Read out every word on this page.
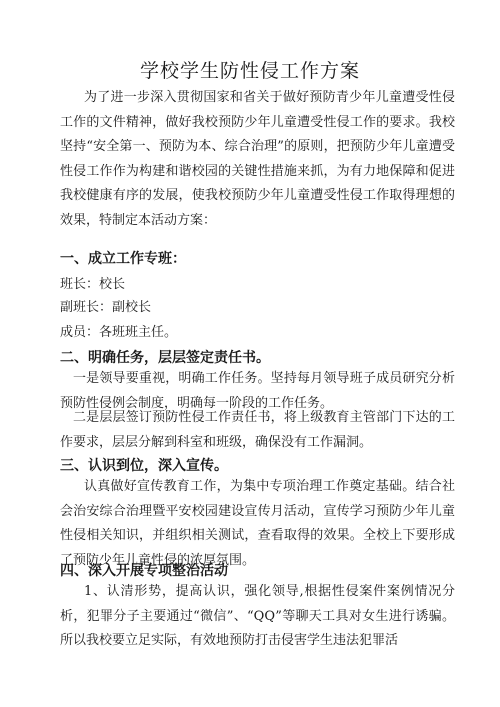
学校学生防性侵工作方案

为了进一步深入贯彻国家和省关于做好预防青少年儿童遭受性侵工作的文件精神，做好我校预防少年儿童遭受性侵工作的要求。我校坚持“安全第一、预防为本、综合治理”的原则，把预防少年儿童遭受性侵工作作为构建和谐校园的关键性措施来抓，为有力地保障和促进我校健康有序的发展，使我校预防少年儿童遭受性侵工作取得理想的效果，特制定本活动方案：

一、成立工作专班：

班长：校长

副班长：副校长

成员：各班班主任。

二、明确任务，层层签定责任书。

一是领导要重视，明确工作任务。坚持每月领导班子成员研究分析预防性侵例会制度，明确每一阶段的工作任务。

二是层层签订预防性侵工作责任书，将上级教育主管部门下达的工作要求，层层分解到科室和班级，确保没有工作漏洞。

三、认识到位，深入宣传。

认真做好宣传教育工作，为集中专项治理工作奠定基础。结合社会治安综合治理暨平安校园建设宣传月活动，宣传学习预防少年儿童性侵相关知识，并组织相关测试，查看取得的效果。全校上下要形成了预防少年儿童性侵的浓厚氛围。

四、深入开展专项整治活动

1、认清形势，提高认识，强化领导,根据性侵案件案例情况分析，犯罪分子主要通过“微信”、“QQ”等聊天工具对女生进行诱骗。所以我校要立足实际，有效地预防打击侵害学生违法犯罪活
